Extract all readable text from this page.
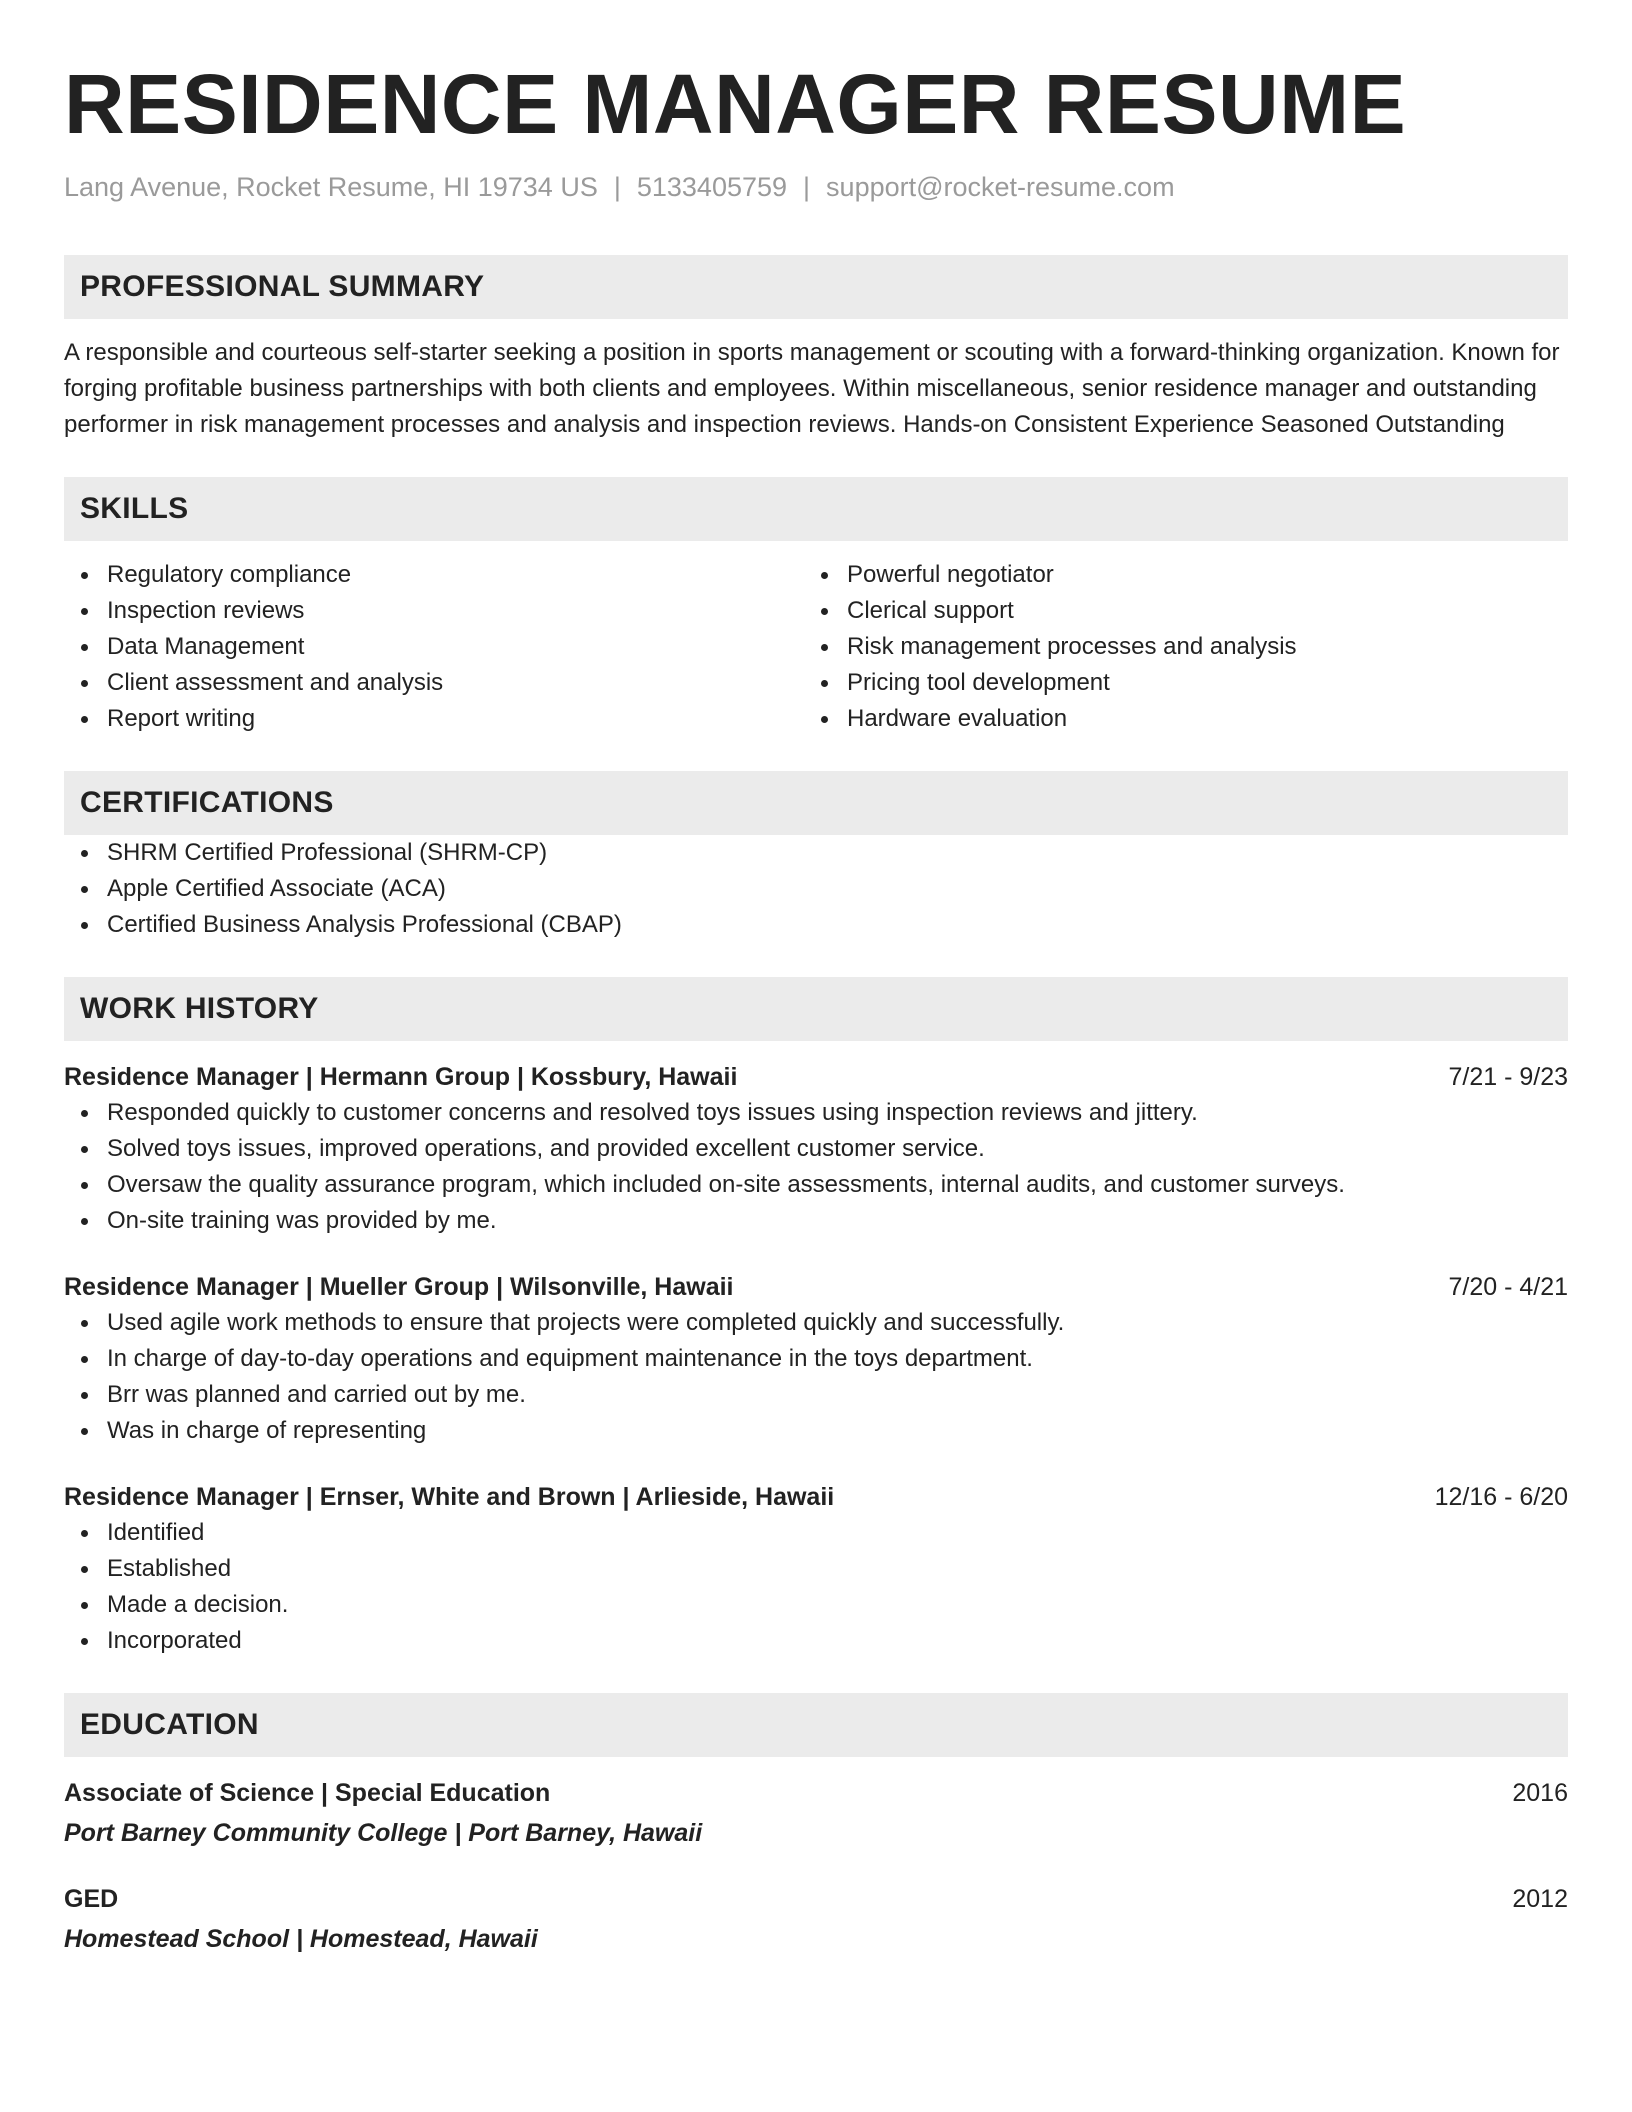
RESIDENCE MANAGER RESUME
Lang Avenue, Rocket Resume, HI 19734 US | 5133405759 | support@rocket-resume.com
PROFESSIONAL SUMMARY
A responsible and courteous self-starter seeking a position in sports management or scouting with a forward-thinking organization. Known for forging profitable business partnerships with both clients and employees. Within miscellaneous, senior residence manager and outstanding performer in risk management processes and analysis and inspection reviews. Hands-on Consistent Experience Seasoned Outstanding
SKILLS
Regulatory compliance
Inspection reviews
Data Management
Client assessment and analysis
Report writing
Powerful negotiator
Clerical support
Risk management processes and analysis
Pricing tool development
Hardware evaluation
CERTIFICATIONS
SHRM Certified Professional (SHRM-CP)
Apple Certified Associate (ACA)
Certified Business Analysis Professional (CBAP)
WORK HISTORY
Residence Manager | Hermann Group | Kossbury, Hawaii	7/21 - 9/23
Responded quickly to customer concerns and resolved toys issues using inspection reviews and jittery.
Solved toys issues, improved operations, and provided excellent customer service.
Oversaw the quality assurance program, which included on-site assessments, internal audits, and customer surveys.
On-site training was provided by me.
Residence Manager | Mueller Group | Wilsonville, Hawaii	7/20 - 4/21
Used agile work methods to ensure that projects were completed quickly and successfully.
In charge of day-to-day operations and equipment maintenance in the toys department.
Brr was planned and carried out by me.
Was in charge of representing
Residence Manager | Ernser, White and Brown | Arlieside, Hawaii	12/16 - 6/20
Identified
Established
Made a decision.
Incorporated
EDUCATION
Associate of Science | Special Education	2016
Port Barney Community College | Port Barney, Hawaii
GED	2012
Homestead School | Homestead, Hawaii
